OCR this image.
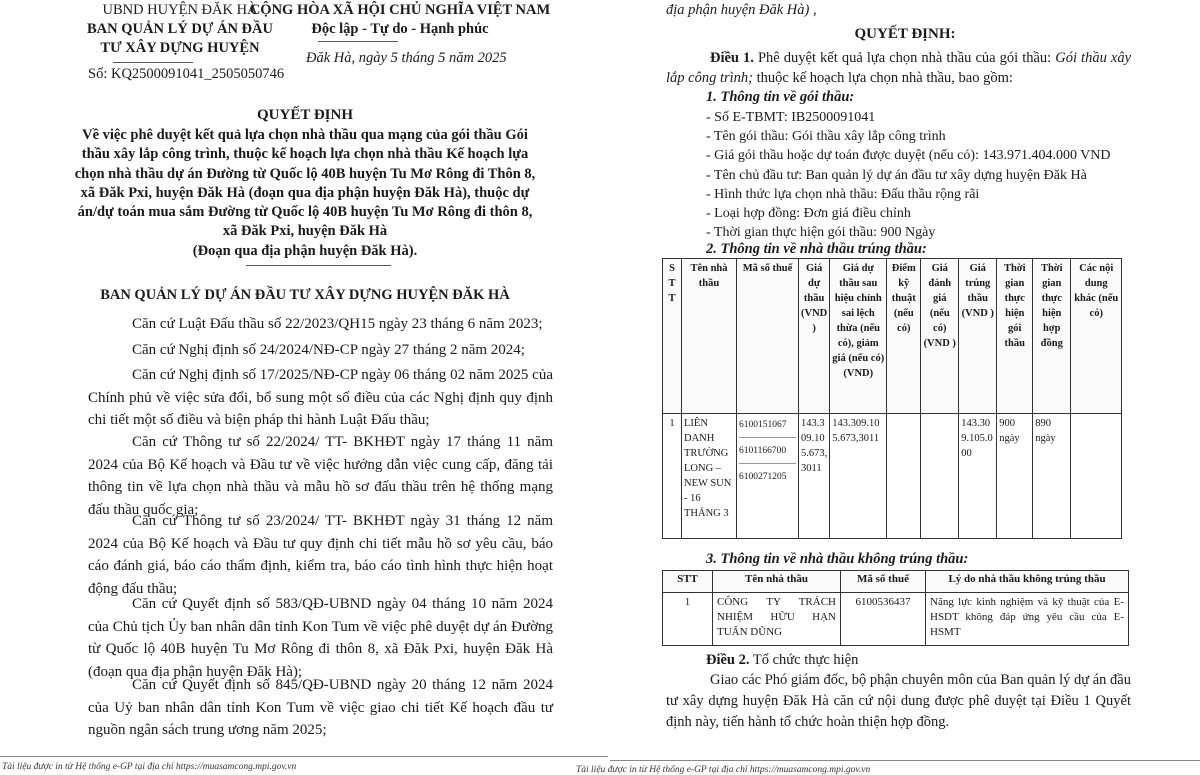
UBND HUYỆN ĐĂK HÀ
BAN QUẢN LÝ DỰ ÁN ĐẦU
TƯ XÂY DỰNG HUYỆN
Số: KQ2500091041_2505050746
CỘNG HÒA XÃ HỘI CHỦ NGHĨA VIỆT NAM
Độc lập - Tự do - Hạnh phúc
Đăk Hà, ngày 5 tháng 5 năm 2025
QUYẾT ĐỊNH
Về việc phê duyệt kết quả lựa chọn nhà thầu qua mạng của gói thầu Gói
thầu xây lắp công trình, thuộc kế hoạch lựa chọn nhà thầu Kế hoạch lựa
chọn nhà thầu dự án Đường từ Quốc lộ 40B huyện Tu Mơ Rông đi Thôn 8,
xã Đăk Pxi, huyện Đăk Hà (đoạn qua địa phận huyện Đăk Hà), thuộc dự
án/dự toán mua sắm Đường từ Quốc lộ 40B huyện Tu Mơ Rông đi thôn 8,
xã Đăk Pxi, huyện Đăk Hà
(Đoạn qua địa phận huyện Đăk Hà).
BAN QUẢN LÝ DỰ ÁN ĐẦU TƯ XÂY DỰNG HUYỆN ĐĂK HÀ
Căn cứ Luật Đấu thầu số 22/2023/QH15 ngày 23 tháng 6 năm 2023;
Căn cứ Nghị định số 24/2024/NĐ-CP ngày 27 tháng 2 năm 2024;
Căn cứ Nghị định số 17/2025/NĐ-CP ngày 06 tháng 02 năm 2025 của Chính phủ về việc sửa đổi, bổ sung một số điều của các Nghị định quy định chi tiết một số điều và biện pháp thi hành Luật Đấu thầu;
Căn cứ Thông tư số 22/2024/ TT- BKHĐT ngày 17 tháng 11 năm 2024 của Bộ Kế hoạch và Đầu tư về việc hướng dẫn việc cung cấp, đăng tải thông tin về lựa chọn nhà thầu và mẫu hồ sơ đấu thầu trên hệ thống mạng đấu thầu quốc gia;
Căn cứ Thông tư số 23/2024/ TT- BKHĐT ngày 31 tháng 12 năm 2024 của Bộ Kế hoạch và Đầu tư quy định chi tiết mẫu hồ sơ yêu cầu, báo cáo đánh giá, báo cáo thẩm định, kiểm tra, báo cáo tình hình thực hiện hoạt động đấu thầu;
Căn cứ Quyết định số 583/QĐ-UBND ngày 04 tháng 10 năm 2024 của Chủ tịch Ủy ban nhân dân tỉnh Kon Tum về việc phê duyệt dự án Đường từ Quốc lộ 40B huyện Tu Mơ Rông đi thôn 8, xã Đăk Pxi, huyện Đăk Hà (đoạn qua địa phận huyện Đăk Hà);
Căn cứ Quyết định số 845/QĐ-UBND ngày 20 tháng 12 năm 2024 của Uỷ ban nhân dân tỉnh Kon Tum về việc giao chi tiết Kế hoạch đầu tư nguồn ngân sách trung ương năm 2025;
Tài liệu được in từ Hệ thống e-GP tại địa chỉ https://muasamcong.mpi.gov.vn
địa phận huyện Đăk Hà) ,
QUYẾT ĐỊNH:
Điều 1. Phê duyệt kết quả lựa chọn nhà thầu của gói thầu: Gói thầu xây lắp công trình; thuộc kế hoạch lựa chọn nhà thầu, bao gồm:
1. Thông tin về gói thầu:
- Số E-TBMT: IB2500091041
- Tên gói thầu: Gói thầu xây lắp công trình
- Giá gói thầu hoặc dự toán được duyệt (nếu có): 143.971.404.000 VND
- Tên chủ đầu tư: Ban quản lý dự án đầu tư xây dựng huyện Đăk Hà
- Hình thức lựa chọn nhà thầu: Đấu thầu rộng rãi
- Loại hợp đồng: Đơn giá điều chỉnh
- Thời gian thực hiện gói thầu: 900 Ngày
2. Thông tin về nhà thầu trúng thầu:
S T T	Tên nhà thầu	Mã số thuế	Giá dự thầu (VND )	Giá dự thầu sau hiệu chỉnh sai lệch thừa (nếu có), giảm giá (nếu có) (VND)	Điểm kỹ thuật (nếu có)	Giá đánh giá (nếu có) (VND )	Giá trúng thầu (VND )	Thời gian thực hiện gói thầu	Thời gian thực hiện hợp đồng	Các nội dung khác (nếu có)
1	LIÊN DANH TRƯỜNG LONG – NEW SUN - 16 THÁNG 3	6100151067
6101166700
6100271205	143.309.105.673,3011	143.309.105.673,3011			143.309.105.000	900 ngày	890 ngày	
3. Thông tin về nhà thầu không trúng thầu:
STT	Tên nhà thầu	Mã số thuế	Lý do nhà thầu không trúng thầu
1	CÔNG TY TRÁCH NHIỆM HỮU HẠN TUẤN DŨNG	6100536437	Năng lực kinh nghiệm và kỹ thuật của E-HSDT không đáp ứng yêu cầu của E-HSMT
Điều 2. Tổ chức thực hiện
Giao các Phó giám đốc, bộ phận chuyên môn của Ban quản lý dự án đầu tư xây dựng huyện Đăk Hà căn cứ nội dung được phê duyệt tại Điều 1 Quyết định này, tiến hành tổ chức hoàn thiện hợp đồng.
Tài liệu được in từ Hệ thống e-GP tại địa chỉ https://muasamcong.mpi.gov.vn
